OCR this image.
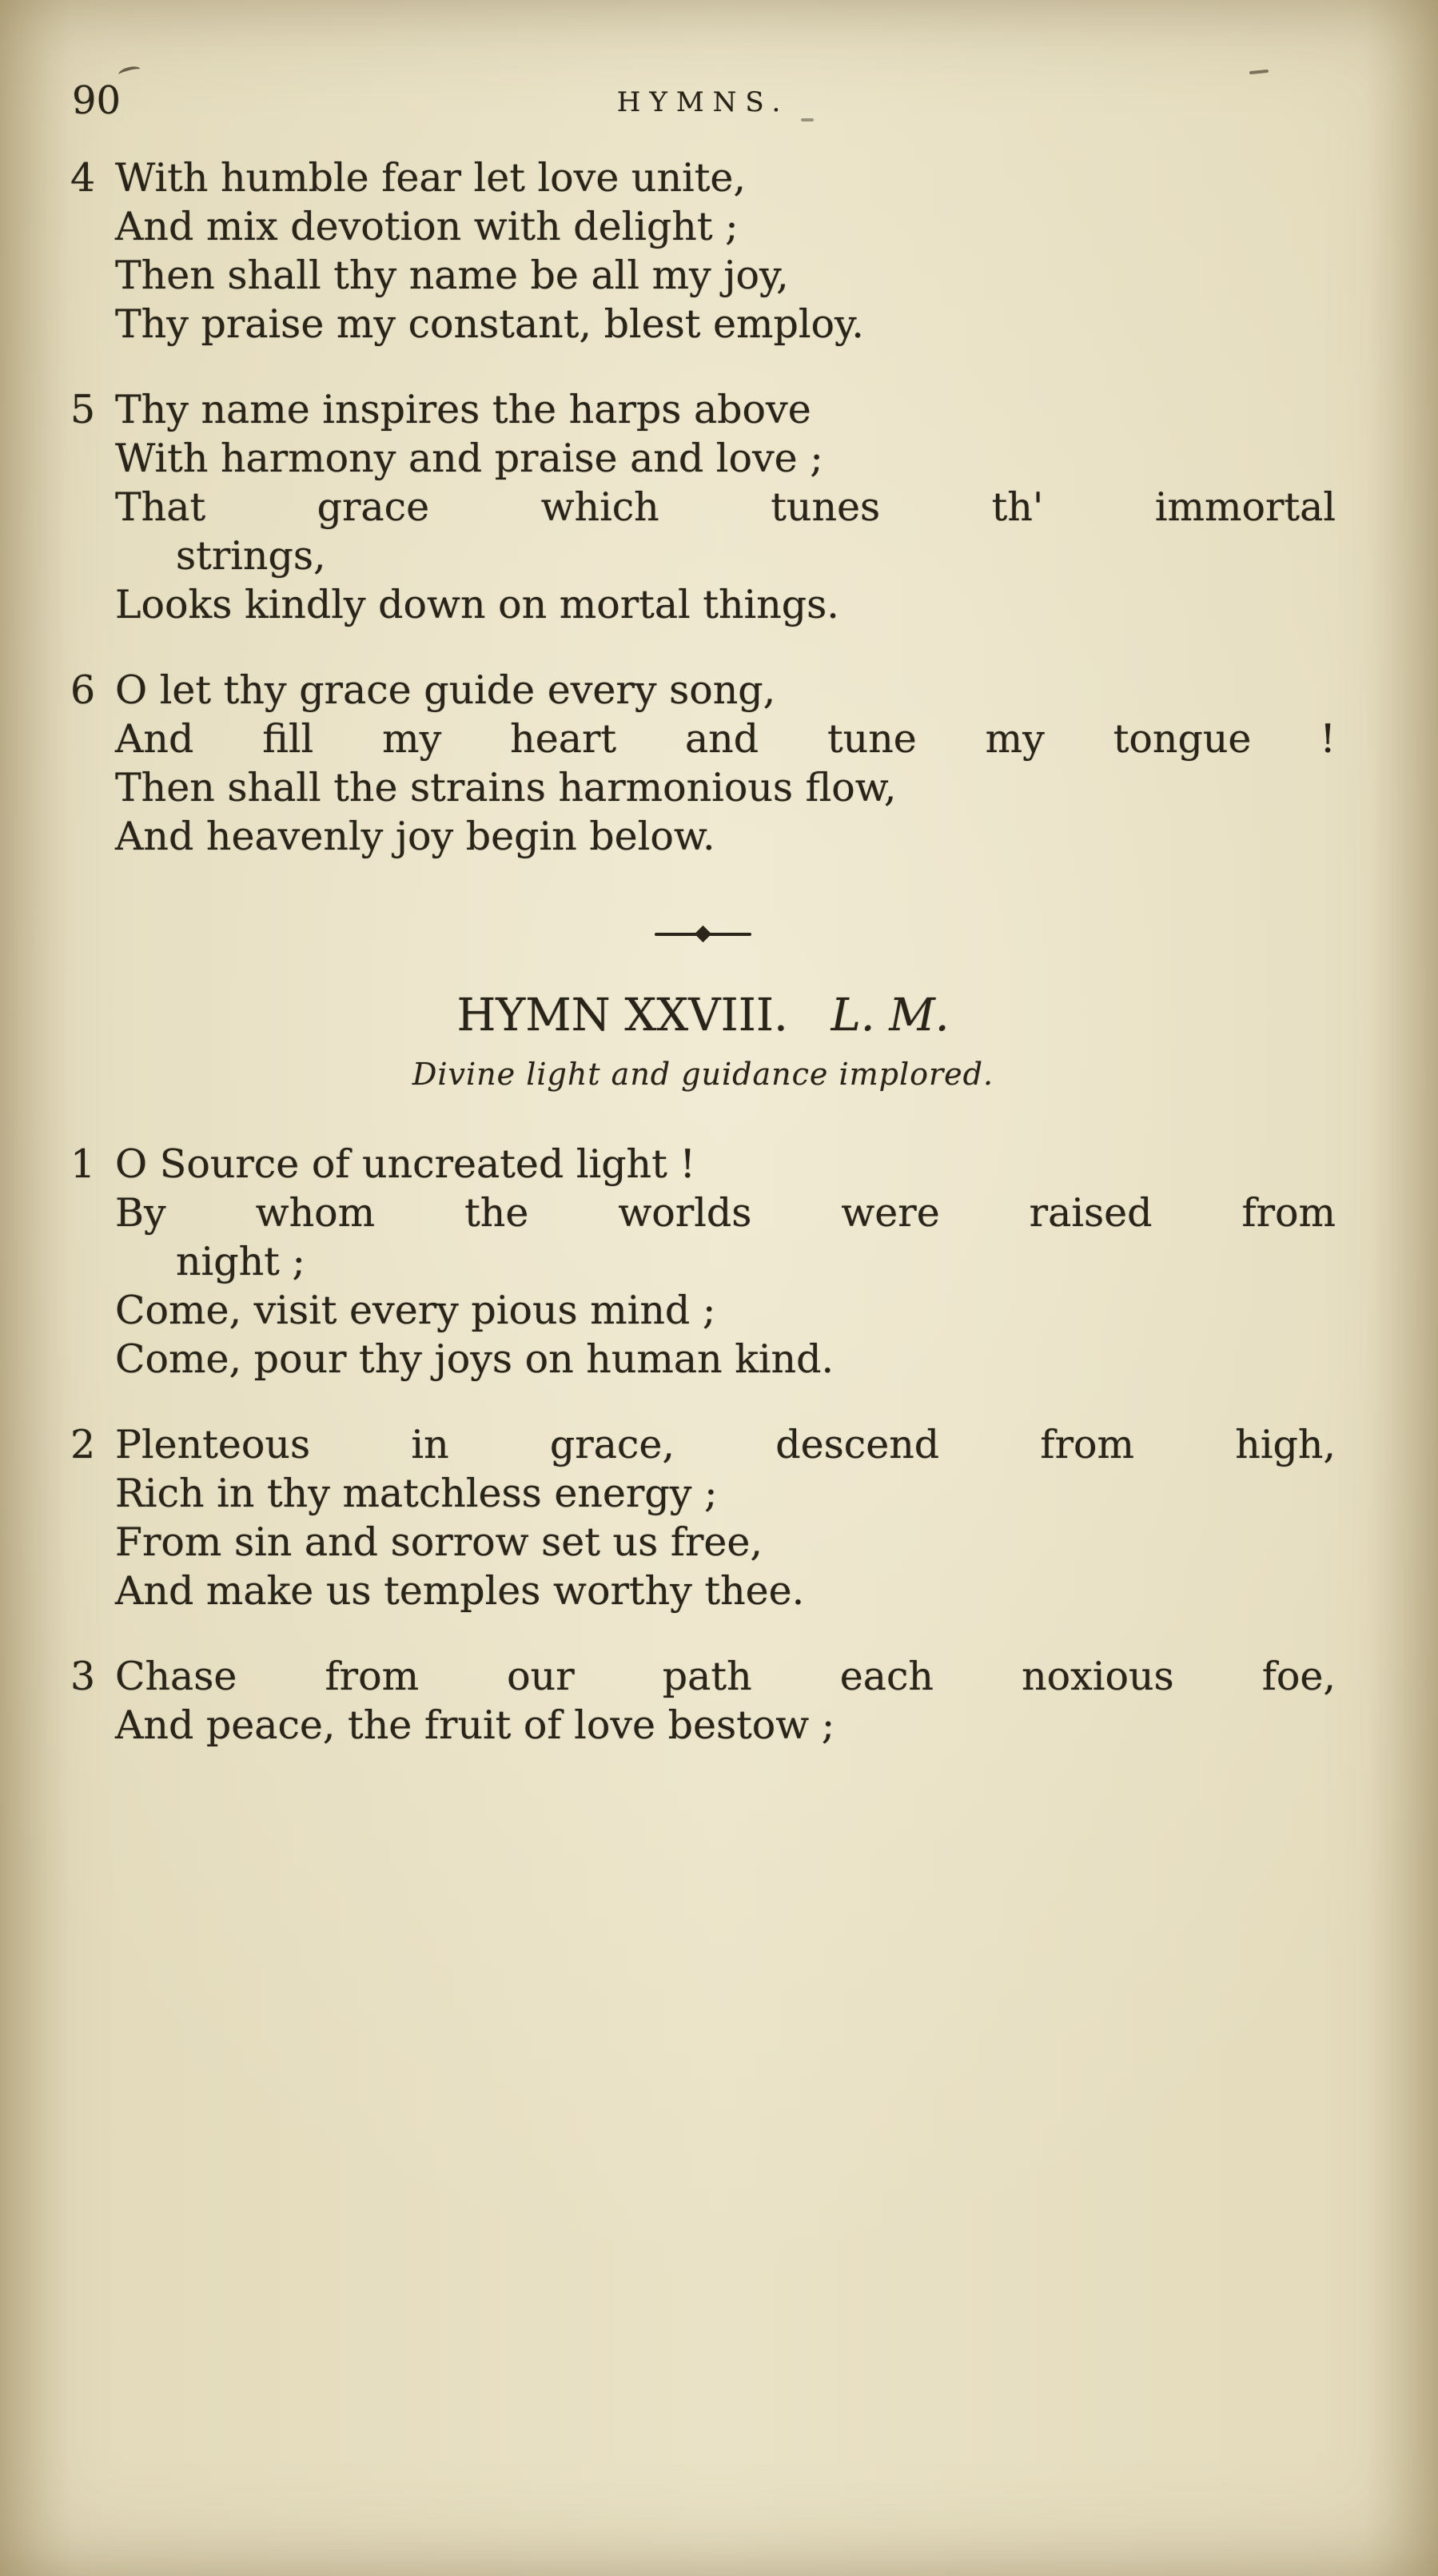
90	HYMNS.
4 With humble fear let love unite,
And mix devotion with delight ;
Then shall thy name be all my joy,
Thy praise my constant, blest employ.
5 Thy name inspires the harps above
With harmony and praise and love ;
That grace which tunes th' immortal
strings,
Looks kindly down on mortal things.
6 O let thy grace guide every song,
And fill my heart and tune my tongue !
Then shall the strains harmonious flow,
And heavenly joy begin below.
HYMN XXVIII. L. M.
Divine light and guidance implored.
1 O Source of uncreated light !
By whom the worlds were raised from
night ;
Come, visit every pious mind ;
Come, pour thy joys on human kind.
2 Plenteous in grace, descend from high,
Rich in thy matchless energy ;
From sin and sorrow set us free,
And make us temples worthy thee.
3 Chase from our path each noxious foe,
And peace, the fruit of love bestow ;
